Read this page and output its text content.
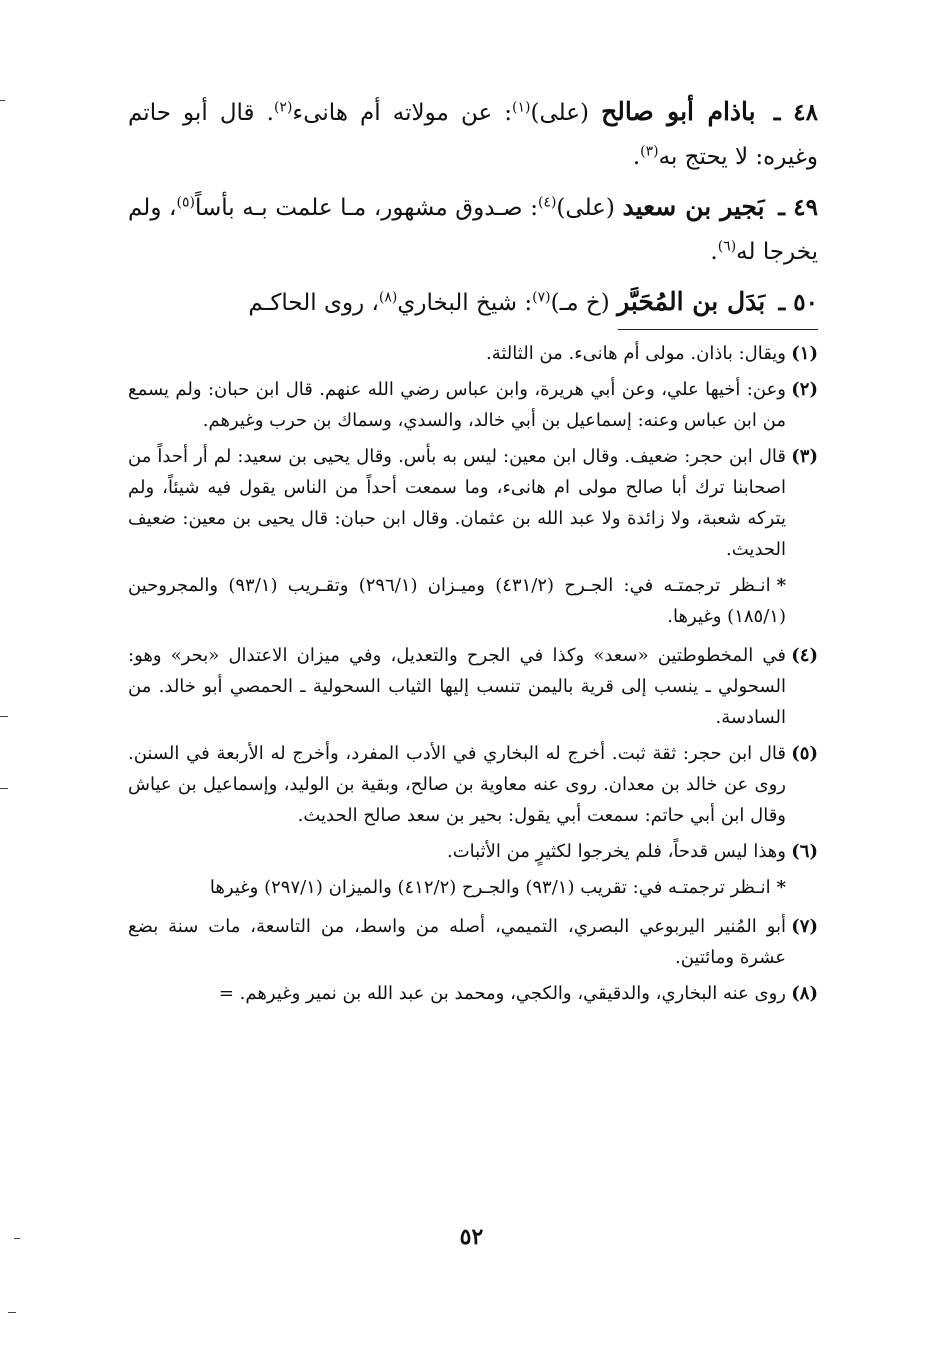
٤٨ ـ باذام أبو صالح (على)$^{(١)}$: عن مولاته أم هانىء$^{(٢)}$. قال أبو حاتم وغيره: لا يحتج به$^{(٣)}$.

٤٩ ـ بَجير بن سعيد (على)$^{(٤)}$: صـدوق مشهور، مـا علمت بـه بأساً$^{(٥)}$، ولم يخرجا له$^{(٦)}$.

٥٠ ـ بَدَل بن المُحَبَّر (خ مـ)$^{(٧)}$: شيخ البخاري$^{(٨)}$، روى الحاكـم

(١)ويقال: باذان. مولى أم هانىء. من الثالثة.

(٢)وعن: أخيها علي، وعن أبي هريرة، وابن عباس رضي الله عنهم. قال ابن حبان: ولم يسمع من ابن عباس وعنه: إسماعيل بن أبي خالد، والسدي، وسماك بن حرب وغيرهم.

(٣)قال ابن حجر: ضعيف. وقال ابن معين: ليس به بأس. وقال يحيى بن سعيد: لم أر أحداً من اصحابنا ترك أبا صالح مولى ام هانىء، وما سمعت أحداً من الناس يقول فيه شيئاً، ولم يتركه شعبة، ولا زائدة ولا عبد الله بن عثمان. وقال ابن حبان: قال يحيى بن معين: ضعيف الحديث.

*انـظر ترجمتـه في: الجـرح (٤٣١/٢) وميـزان (٢٩٦/١) وتقـريب (٩٣/١) والمجروحين (١٨٥/١) وغيرها.

(٤)في المخطوطتين «سعد» وكذا في الجرح والتعديل، وفي ميزان الاعتدال «بحر» وهو: السحولي ـ ينسب إلى قرية باليمن تنسب إليها الثياب السحولية ـ الحمصي أبو خالد. من السادسة.

(٥)قال ابن حجر: ثقة ثبت. أخرج له البخاري في الأدب المفرد، وأخرج له الأربعة في السنن. روى عن خالد بن معدان. روى عنه معاوية بن صالح، وبقية بن الوليد، وإسماعيل بن عياش وقال ابن أبي حاتم: سمعت أبي يقول: بحير بن سعد صالح الحديث.

(٦)وهذا ليس قدحاً، فلم يخرجوا لكثيرٍ من الأثبات.

*انـظر ترجمتـه في: تقريب (٩٣/١) والجـرح (٤١٢/٢) والميزان (٢٩٧/١) وغيرها

(٧)أبو المُنير اليربوعي البصري، التميمي، أصله من واسط، من التاسعة، مات سنة بضع عشرة ومائتين.

(٨)روى عنه البخاري، والدقيقي، والكجي، ومحمد بن عبد الله بن نمير وغيرهم. =

٥٢
